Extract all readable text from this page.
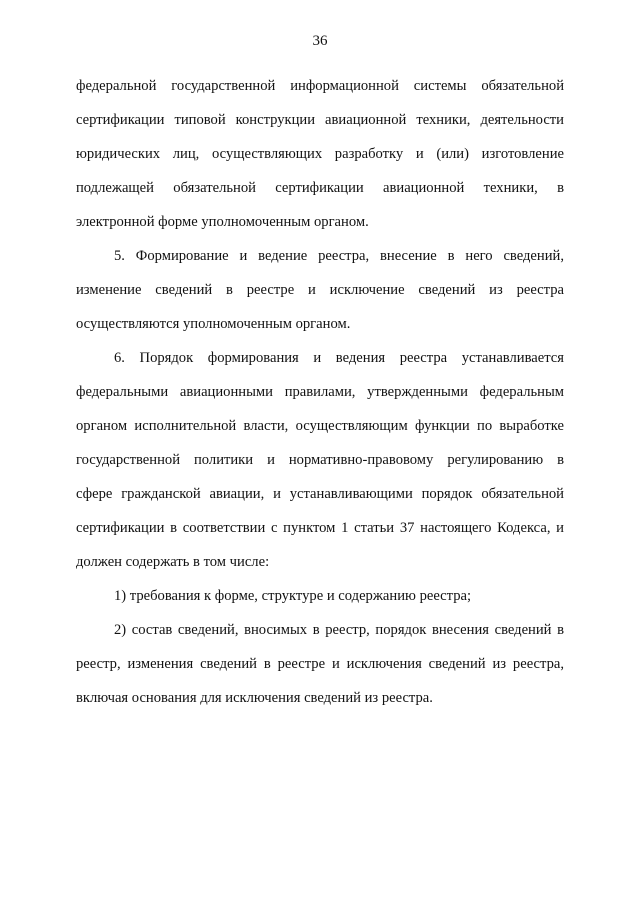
36
федеральной государственной информационной системы обязательной
сертификации типовой конструкции авиационной техники, деятельности
юридических лиц, осуществляющих разработку и (или) изготовление
подлежащей обязательной сертификации авиационной техники, в
электронной форме уполномоченным органом.
5. Формирование и ведение реестра, внесение в него сведений,
изменение сведений в реестре и исключение сведений из реестра
осуществляются уполномоченным органом.
6. Порядок формирования и ведения реестра устанавливается
федеральными авиационными правилами, утвержденными федеральным
органом исполнительной власти, осуществляющим функции по выработке
государственной политики и нормативно-правовому регулированию в
сфере гражданской авиации, и устанавливающими порядок обязательной
сертификации в соответствии с пунктом 1 статьи 37 настоящего Кодекса, и
должен содержать в том числе:
1) требования к форме, структуре и содержанию реестра;
2) состав сведений, вносимых в реестр, порядок внесения сведений в
реестр, изменения сведений в реестре и исключения сведений из реестра,
включая основания для исключения сведений из реестра.
